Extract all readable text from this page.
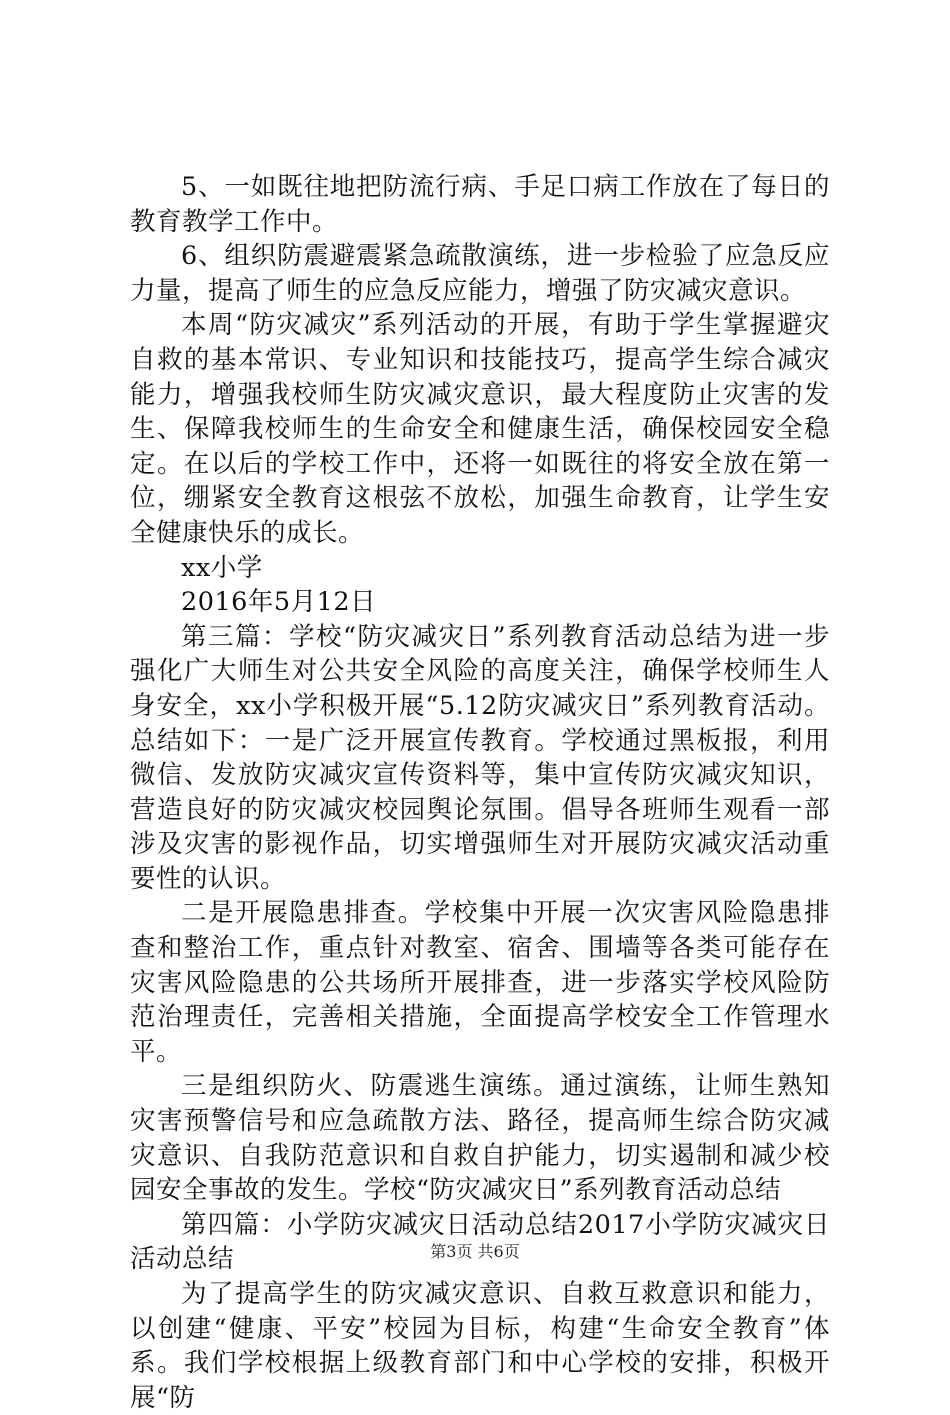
5、一如既往地把防流行病、手足口病工作放在了每日的教育教学工作中。

6、组织防震避震紧急疏散演练，进一步检验了应急反应力量，提高了师生的应急反应能力，增强了防灾减灾意识。

本周“防灾减灾”系列活动的开展，有助于学生掌握避灾自救的基本常识、专业知识和技能技巧，提高学生综合减灾能力，增强我校师生防灾减灾意识，最大程度防止灾害的发生、保障我校师生的生命安全和健康生活，确保校园安全稳定。在以后的学校工作中，还将一如既往的将安全放在第一位，绷紧安全教育这根弦不放松，加强生命教育，让学生安全健康快乐的成长。

xx小学

2016年5月12日

第三篇：学校“防灾减灾日”系列教育活动总结为进一步强化广大师生对公共安全风险的高度关注，确保学校师生人身安全，xx小学积极开展“5.12防灾减灾日”系列教育活动。总结如下：一是广泛开展宣传教育。学校通过黑板报，利用微信、发放防灾减灾宣传资料等，集中宣传防灾减灾知识，营造良好的防灾减灾校园舆论氛围。倡导各班师生观看一部涉及灾害的影视作品，切实增强师生对开展防灾减灾活动重要性的认识。

二是开展隐患排查。学校集中开展一次灾害风险隐患排查和整治工作，重点针对教室、宿舍、围墙等各类可能存在灾害风险隐患的公共场所开展排查，进一步落实学校风险防范治理责任，完善相关措施，全面提高学校安全工作管理水平。

三是组织防火、防震逃生演练。通过演练，让师生熟知灾害预警信号和应急疏散方法、路径，提高师生综合防灾减灾意识、自我防范意识和自救自护能力，切实遏制和减少校园安全事故的发生。学校“防灾减灾日”系列教育活动总结

第四篇：小学防灾减灾日活动总结2017小学防灾减灾日活动总结

为了提高学生的防灾减灾意识、自救互救意识和能力，以创建“健康、平安”校园为目标，构建“生命安全教育”体系。我们学校根据上级教育部门和中心学校的安排，积极开展“防

第3页 共6页
